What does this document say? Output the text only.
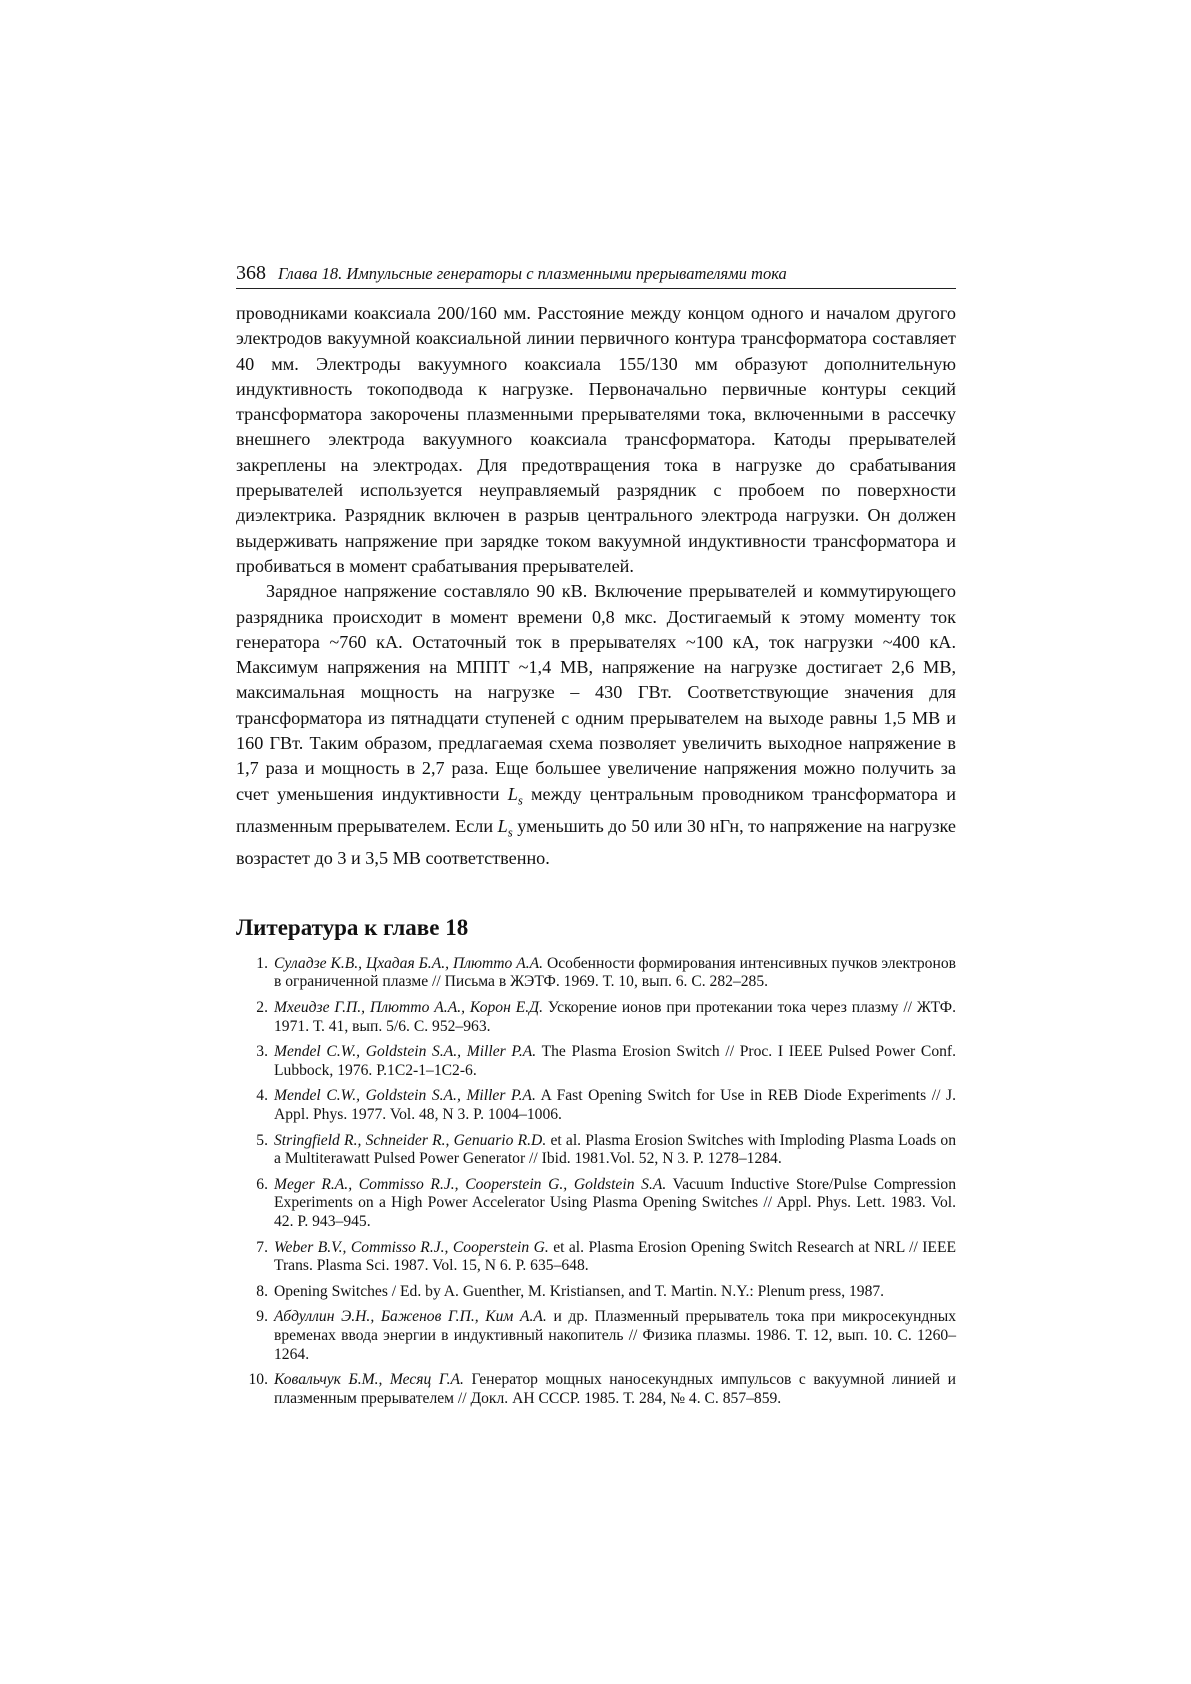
368 Глава 18. Импульсные генераторы с плазменными прерывателями тока

проводниками коаксиала 200/160 мм. Расстояние между концом одного и началом другого электродов вакуумной коаксиальной линии первичного контура трансформатора составляет 40 мм. Электроды вакуумного коаксиала 155/130 мм образуют дополнительную индуктивность токоподвода к нагрузке. Первоначально первичные контуры секций трансформатора закорочены плазменными прерывателями тока, включенными в рассечку внешнего электрода вакуумного коаксиала трансформатора. Катоды прерывателей закреплены на электродах. Для предотвращения тока в нагрузке до срабатывания прерывателей используется неуправляемый разрядник с пробоем по поверхности диэлектрика. Разрядник включен в разрыв центрального электрода нагрузки. Он должен выдерживать напряжение при зарядке током вакуумной индуктивности трансформатора и пробиваться в момент срабатывания прерывателей.

Зарядное напряжение составляло 90 кВ. Включение прерывателей и коммутирующего разрядника происходит в момент времени 0,8 мкс. Достигаемый к этому моменту ток генератора ~760 кА. Остаточный ток в прерывателях ~100 кА, ток нагрузки ~400 кА. Максимум напряжения на МППТ ~1,4 МВ, напряжение на нагрузке достигает 2,6 МВ, максимальная мощность на нагрузке – 430 ГВт. Соответствующие значения для трансформатора из пятнадцати ступеней с одним прерывателем на выходе равны 1,5 МВ и 160 ГВт. Таким образом, предлагаемая схема позволяет увеличить выходное напряжение в 1,7 раза и мощность в 2,7 раза. Еще большее увеличение напряжения можно получить за счет уменьшения индуктивности $L_s$ между центральным проводником трансформатора и плазменным прерывателем. Если $L_s$ уменьшить до 50 или 30 нГн, то напряжение на нагрузке возрастет до 3 и 3,5 МВ соответственно.

Литература к главе 18
1. Суладзе К.В., Цхадая Б.А., Плютто А.А. Особенности формирования интенсивных пучков электронов в ограниченной плазме // Письма в ЖЭТФ. 1969. Т. 10, вып. 6. С. 282–285.
2. Мхеидзе Г.П., Плютто А.А., Корон Е.Д. Ускорение ионов при протекании тока через плазму // ЖТФ. 1971. Т. 41, вып. 5/6. С. 952–963.
3. Mendel C.W., Goldstein S.A., Miller P.A. The Plasma Erosion Switch // Proc. I IEEE Pulsed Power Conf. Lubbock, 1976. P.1C2-1–1C2-6.
4. Mendel C.W., Goldstein S.A., Miller P.A. A Fast Opening Switch for Use in REB Diode Experiments // J. Appl. Phys. 1977. Vol. 48, N 3. P. 1004–1006.
5. Stringfield R., Schneider R., Genuario R.D. et al. Plasma Erosion Switches with Imploding Plasma Loads on a Multiterawatt Pulsed Power Generator // Ibid. 1981.Vol. 52, N 3. P. 1278–1284.
6. Meger R.A., Commisso R.J., Cooperstein G., Goldstein S.A. Vacuum Inductive Store/Pulse Compression Experiments on a High Power Accelerator Using Plasma Opening Switches // Appl. Phys. Lett. 1983. Vol. 42. P. 943–945.
7. Weber B.V., Commisso R.J., Cooperstein G. et al. Plasma Erosion Opening Switch Research at NRL // IEEE Trans. Plasma Sci. 1987. Vol. 15, N 6. P. 635–648.
8. Opening Switches / Ed. by A. Guenther, M. Kristiansen, and T. Martin. N.Y.: Plenum press, 1987.
9. Абдуллин Э.Н., Баженов Г.П., Ким А.А. и др. Плазменный прерыватель тока при микросекундных временах ввода энергии в индуктивный накопитель // Физика плазмы. 1986. Т. 12, вып. 10. С. 1260–1264.
10. Ковальчук Б.М., Месяц Г.А. Генератор мощных наносекундных импульсов с вакуумной линией и плазменным прерывателем // Докл. АН СССР. 1985. Т. 284, № 4. С. 857–859.
